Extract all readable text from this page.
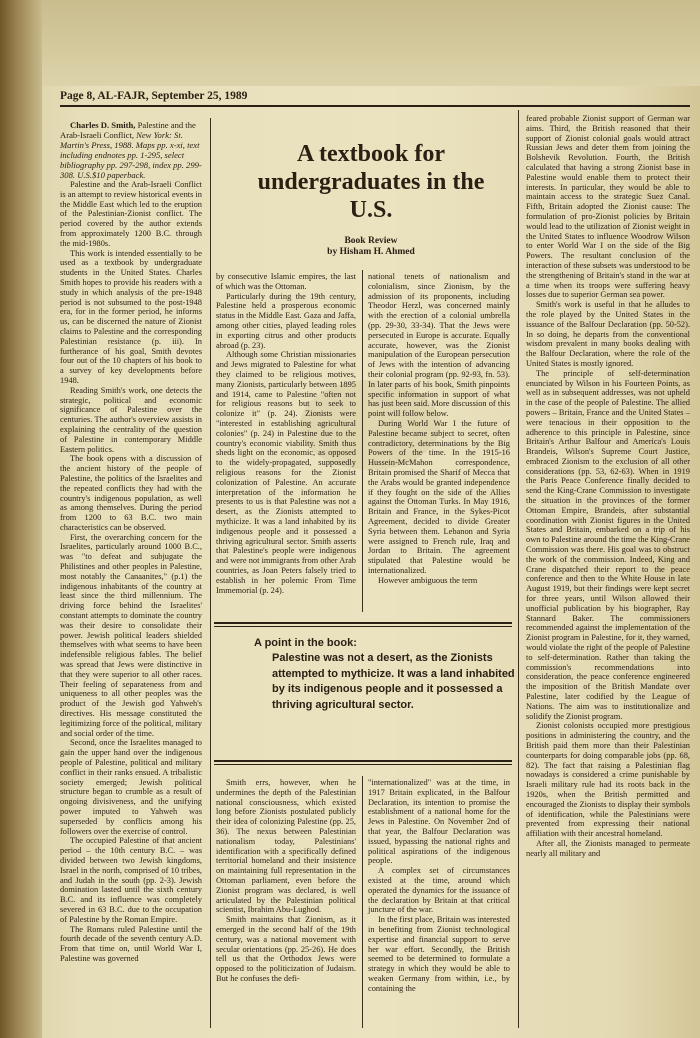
Page 8, AL-FAJR, September 25, 1989

Charles D. Smith, Palestine and the Arab-Israeli Conflict, New York: St. Martin's Press, 1988. Maps pp. x-xi, text including endnotes pp. 1-295, select bibliography pp. 297-298, index pp. 299-308. U.S.$10 paperback.

Palestine and the Arab-Israeli Conflict is an attempt to review historical events in the Middle East which led to the eruption of the Palestinian-Zionist conflict. The period covered by the author extends from approximately 1200 B.C. through the mid-1980s.

This work is intended essentially to be used as a textbook by undergraduate students in the United States. Charles Smith hopes to provide his readers with a study in which analysis of the pre-1948 period is not subsumed to the post-1948 era, for in the former period, he informs us, can be discerned the nature of Zionist claims to Palestine and the corresponding Palestinian resistance (p. iii). In furtherance of his goal, Smith devotes four out of the 10 chapters of his book to a survey of key developments before 1948.

Reading Smith's work, one detects the strategic, political and economic significance of Palestine over the centuries. The author's overview assists in explaining the centrality of the question of Palestine in contemporary Middle Eastern politics.

The book opens with a discussion of the ancient history of the people of Palestine, the politics of the Israelites and the repeated conflicts they had with the country's indigenous population, as well as among themselves. During the period from 1200 to 63 B.C. two main characteristics can be observed.

First, the overarching concern for the Israelites, particularly around 1000 B.C., was "to defeat and subjugate the Philistines and other peoples in Palestine, most notably the Canaanites," (p.1) the indigenous inhabitants of the country at least since the third millennium. The driving force behind the Israelites' constant attempts to dominate the country was their desire to consolidate their power. Jewish political leaders shielded themselves with what seems to have been indefensible religious fables. The belief was spread that Jews were distinctive in that they were superior to all other races. Their feeling of separateness from and uniqueness to all other peoples was the product of the Jewish god Yahweh's directives. His message constituted the legitimizing force of the political, military and social order of the time.

Second, once the Israelites managed to gain the upper hand over the indigenous people of Palestine, political and military conflict in their ranks ensued. A tribalistic society emerged; Jewish political structure began to crumble as a result of ongoing divisiveness, and the unifying power imputed to Yahweh was superseded by conflicts among his followers over the exercise of control.

The occupied Palestine of that ancient period – the 10th century B.C. – was divided between two Jewish kingdoms, Israel in the north, comprised of 10 tribes, and Judah in the south (pp. 2-3). Jewish domination lasted until the sixth century B.C. and its influence was completely severed in 63 B.C. due to the occupation of Palestine by the Roman Empire.

The Romans ruled Palestine until the fourth decade of the seventh century A.D. From that time on, until World War I, Palestine was governed

A textbook for undergraduates in the U.S.
Book Review
by Hisham H. Ahmed

by consecutive Islamic empires, the last of which was the Ottoman.

Particularly during the 19th century, Palestine held a prosperous economic status in the Middle East. Gaza and Jaffa, among other cities, played leading roles in exporting citrus and other products abroad (p. 23).

Although some Christian missionaries and Jews migrated to Palestine for what they claimed to be religious motives, many Zionists, particularly between 1895 and 1914, came to Palestine "often not for religious reasons but to seek to colonize it" (p. 24). Zionists were "interested in establishing agricultural colonies" (p. 24) in Palestine due to the country's economic viability. Smith thus sheds light on the economic, as opposed to the widely-propagated, supposedly religious reasons for the Zionist colonization of Palestine. An accurate interpretation of the information he presents to us is that Palestine was not a desert, as the Zionists attempted to mythicize. It was a land inhabited by its indigenous people and it possessed a thriving agricultural sector. Smith asserts that Palestine's people were indigenous and were not immigrants from other Arab countries, as Joan Peters falsely tried to establish in her polemic From Time Immemorial (p. 24).

national tenets of nationalism and colonialism, since Zionism, by the admission of its proponents, including Theodor Herzl, was concerned mainly with the erection of a colonial umbrella (pp. 29-30, 33-34). That the Jews were persecuted in Europe is accurate. Equally accurate, however, was the Zionist manipulation of the European persecution of Jews with the intention of advancing their colonial program (pp. 92-93, fn. 53). In later parts of his book, Smith pinpoints specific information in support of what has just been said. More discussion of this point will follow below.

During World War I the future of Palestine became subject to secret, often contradictory, determinations by the Big Powers of the time. In the 1915-16 Hussein-McMahon correspondence, Britain promised the Sharif of Mecca that the Arabs would be granted independence if they fought on the side of the Allies against the Ottoman Turks. In May 1916, Britain and France, in the Sykes-Picot Agreement, decided to divide Greater Syria between them. Lebanon and Syria were assigned to French rule, Iraq and Jordan to Britain. The agreement stipulated that Palestine would be internationalized.

However ambiguous the term

A point in the book:
Palestine was not a desert, as the Zionists attempted to mythicize. It was a land inhabited by its indigenous people and it possessed a thriving agricultural sector.

Smith errs, however, when he undermines the depth of the Palestinian national consciousness, which existed long before Zionists postulated publicly their idea of colonizing Palestine (pp. 25, 36). The nexus between Palestinian nationalism today, Palestinians' identification with a specifically defined territorial homeland and their insistence on maintaining full representation in the Ottoman parliament, even before the Zionist program was declared, is well articulated by the Palestinian political scientist, Ibrahim Abu-Lughod.

Smith maintains that Zionism, as it emerged in the second half of the 19th century, was a national movement with secular orientations (pp. 25-26). He does tell us that the Orthodox Jews were opposed to the politicization of Judaism. But he confuses the defi-

"internationalized" was at the time, in 1917 Britain explicated, in the Balfour Declaration, its intention to promise the establishment of a national home for the Jews in Palestine. On November 2nd of that year, the Balfour Declaration was issued, bypassing the national rights and political aspirations of the indigenous people.

A complex set of circumstances existed at the time, around which operated the dynamics for the issuance of the declaration by Britain at that critical juncture of the war.

In the first place, Britain was interested in benefiting from Zionist technological expertise and financial support to serve her war effort. Secondly, the British seemed to be determined to formulate a strategy in which they would be able to weaken Germany from within, i.e., by containing the

feared probable Zionist support of German war aims. Third, the British reasoned that their support of Zionist colonial goals would attract Russian Jews and deter them from joining the Bolshevik Revolution. Fourth, the British calculated that having a strong Zionist base in Palestine would enable them to protect their interests. In particular, they would be able to maintain access to the strategic Suez Canal. Fifth, Britain adopted the Zionist cause: The formulation of pro-Zionist policies by Britain would lead to the utilization of Zionist weight in the United States to influence Woodrow Wilson to enter World War I on the side of the Big Powers. The resultant conclusion of the interaction of these subsets was understood to be the strengthening of Britain's stand in the war at a time when its troops were suffering heavy losses due to superior German sea power.

Smith's work is useful in that he alludes to the role played by the United States in the issuance of the Balfour Declaration (pp. 50-52). In so doing, he departs from the conventional wisdom prevalent in many books dealing with the Balfour Declaration, where the role of the United States is mostly ignored.

The principle of self-determination enunciated by Wilson in his Fourteen Points, as well as in subsequent addresses, was not upheld in the case of the people of Palestine. The allied powers – Britain, France and the United States – were tenacious in their opposition to the adherence to this principle in Palestine, since Britain's Arthur Balfour and America's Louis Brandeis, Wilson's Supreme Court Justice, embraced Zionism to the exclusion of all other considerations (pp. 53, 62-63). When in 1919 the Paris Peace Conference finally decided to send the King-Crane Commission to investigate the situation in the provinces of the former Ottoman Empire, Brandeis, after substantial coordination with Zionist figures in the United States and Britain, embarked on a trip of his own to Palestine around the time the King-Crane Commission was there. His goal was to obstruct the work of the commission. Indeed, King and Crane dispatched their report to the peace conference and then to the White House in late August 1919, but their findings were kept secret for three years, until Wilson allowed their unofficial publication by his biographer, Ray Stannard Baker. The commissioners recommended against the implementation of the Zionist program in Palestine, for it, they warned, would violate the right of the people of Palestine to self-determination. Rather than taking the commission's recommendations into consideration, the peace conference engineered the imposition of the British Mandate over Palestine, later codified by the League of Nations. The aim was to institutionalize and solidify the Zionist program.

Zionist colonists occupied more prestigious positions in administering the country, and the British paid them more than their Palestinian counterparts for doing comparable jobs (pp. 68, 82). The fact that raising a Palestinian flag nowadays is considered a crime punishable by Israeli military rule had its roots back in the 1920s, when the British permitted and encouraged the Zionists to display their symbols of identification, while the Palestinians were prevented from expressing their national affiliation with their ancestral homeland.

After all, the Zionists managed to permeate nearly all military and
